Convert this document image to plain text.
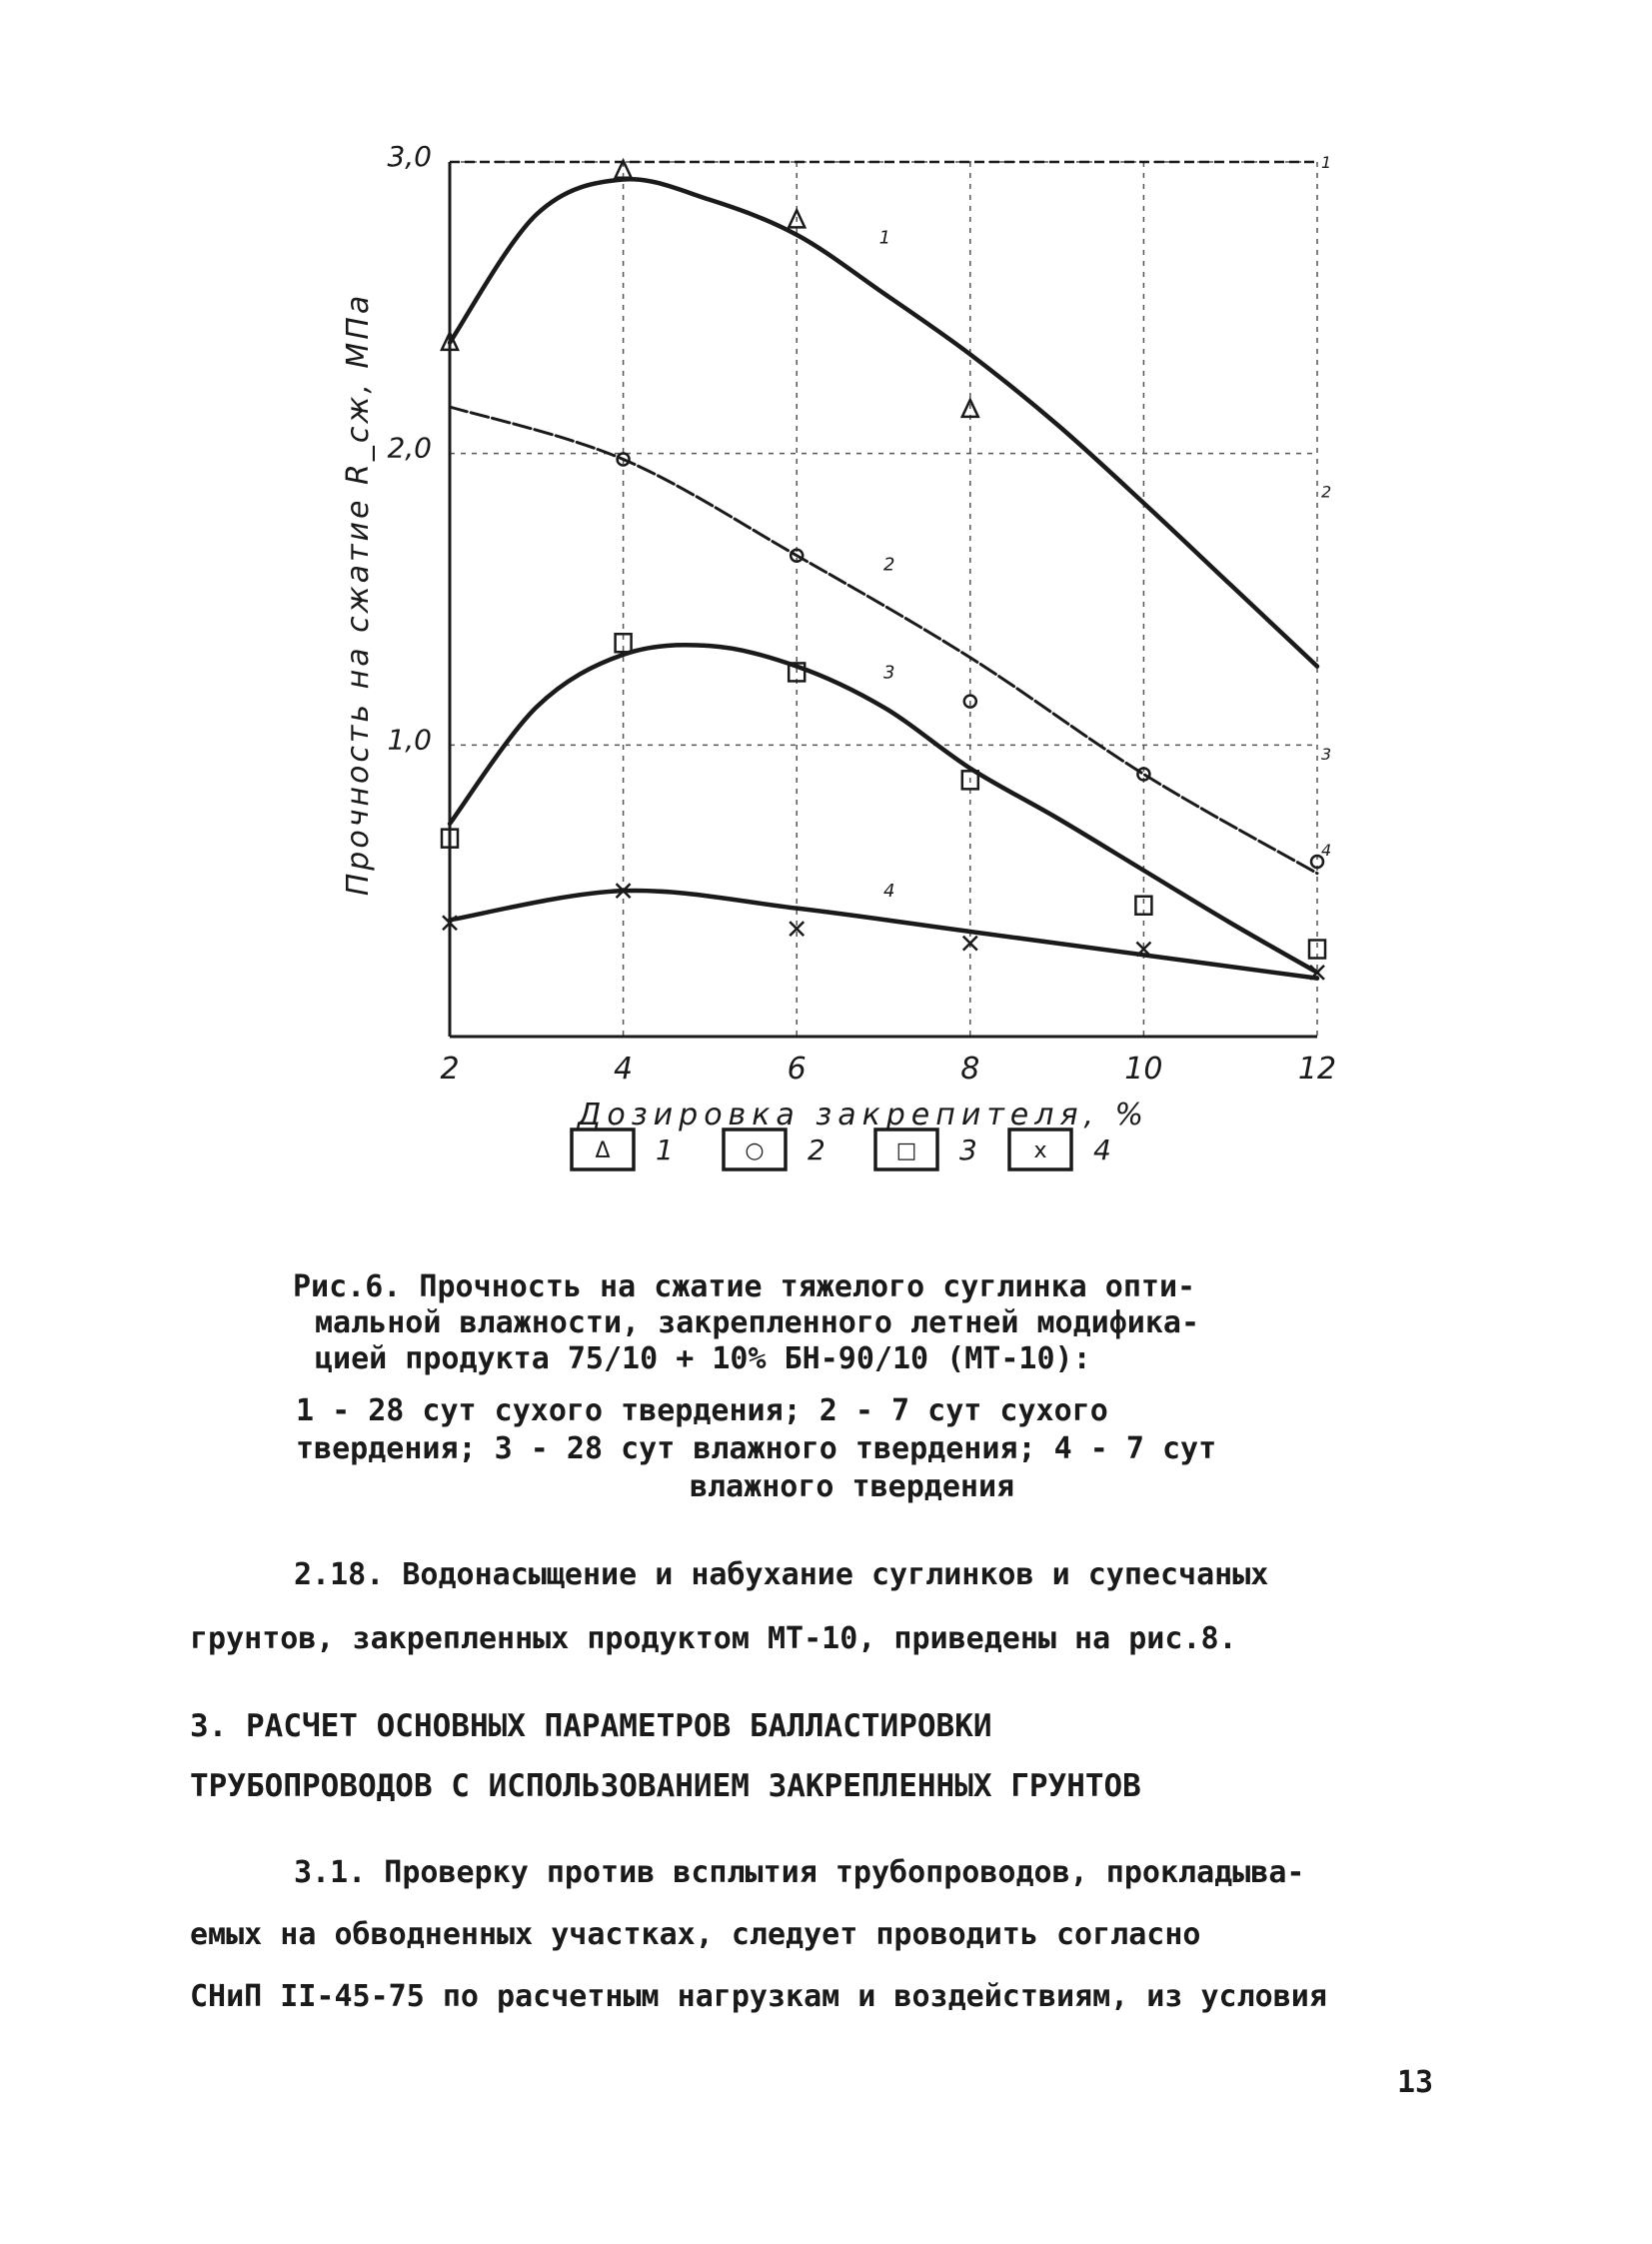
2	4	6	8	10	12
1,0
2,0
3,0
Дозировка закрепителя, %
Прочность на сжатие R_сж, МПа
1
2
3
4
1
2
3
4
Δ 1	○ 2	□ 3	x 4
Рис.6. Прочность на сжатие тяжелого суглинка опти-
мальной влажности, закрепленного летней модифика-
цией продукта 75/10 + 10% БН-90/10 (МТ-10):
1 - 28 сут сухого твердения; 2 - 7 сут сухого
твердения; 3 - 28 сут влажного твердения; 4 - 7 сут
влажного твердения
2.18. Водонасыщение и набухание суглинков и супесчаных
грунтов, закрепленных продуктом МТ-10, приведены на рис.8.
3. РАСЧЕТ ОСНОВНЫХ ПАРАМЕТРОВ БАЛЛАСТИРОВКИ
ТРУБОПРОВОДОВ С ИСПОЛЬЗОВАНИЕМ ЗАКРЕПЛЕННЫХ ГРУНТОВ
3.1. Проверку против всплытия трубопроводов, прокладыва-
емых на обводненных участках, следует проводить согласно
СНиП II-45-75 по расчетным нагрузкам и воздействиям, из условия
13
